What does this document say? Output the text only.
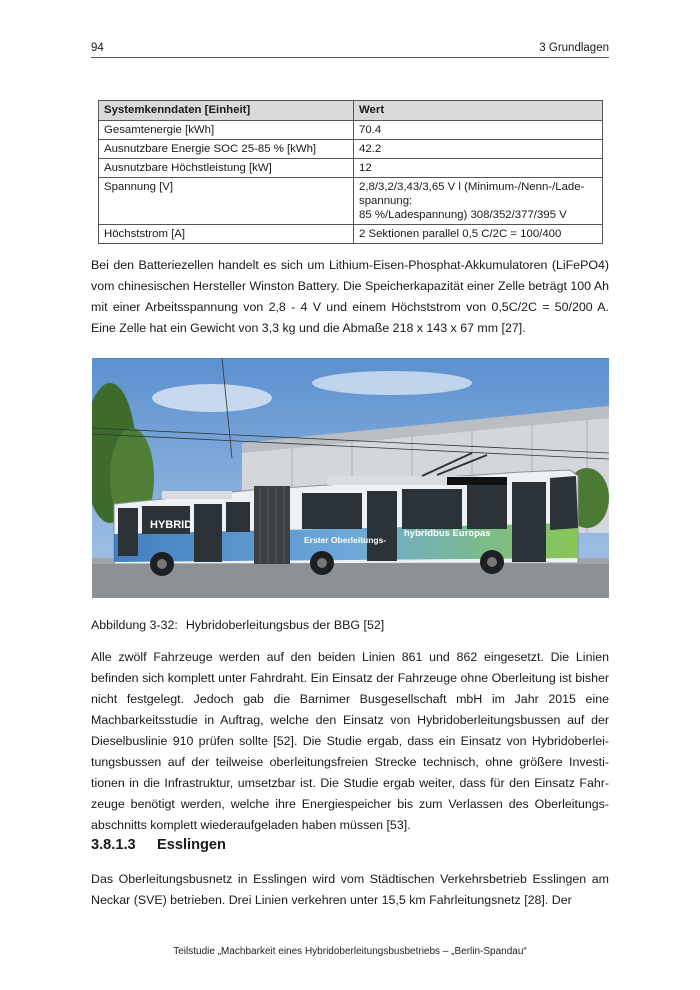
94	3 Grundlagen
Systemkenndaten [Einheit]	Wert
Gesamtenergie [kWh]	70.4
Ausnutzbare Energie SOC 25-85 % [kWh]	42.2
Ausnutzbare Höchstleistung [kW]	12
Spannung [V]	2,8/3,2/3,43/3,65 V l (Minimum-/Nenn-/Lade-
spannung:
85 %/Ladespannung) 308/352/377/395 V

Höchststrom [A]	2 Sektionen parallel 0,5 C/2C = 100/400

Bei den Batteriezellen handelt es sich um Lithium-Eisen-Phosphat-Akkumulatoren (LiFePO4) vom chinesischen Hersteller Winston Battery. Die Speicherkapazität einer Zelle beträgt 100 Ah mit einer Arbeitsspannung von 2,8 - 4 V und einem Höchststrom von 0,5C/2C = 50/200 A. Eine Zelle hat ein Gewicht von 3,3 kg und die Abmaße 218 x 143 x 67 mm [27].

HYBRID
Erster Oberleitungs-
hybridbus Europas

Abbildung 3-32: Hybridoberleitungsbus der BBG [52]

Alle zwölf Fahrzeuge werden auf den beiden Linien 861 und 862 eingesetzt. Die Linien befinden sich komplett unter Fahrdraht. Ein Einsatz der Fahrzeuge ohne Oberleitung ist bisher nicht festgelegt. Jedoch gab die Barnimer Busgesellschaft mbH im Jahr 2015 eine Machbarkeitsstudie in Auftrag, welche den Einsatz von Hybridoberleitungsbussen auf der Dieselbuslinie 910 prüfen sollte [52]. Die Studie ergab, dass ein Einsatz von Hybridoberleitungsbussen auf der teilweise oberleitungsfreien Strecke technisch, ohne größere Investitionen in die Infrastruktur, umsetzbar ist. Die Studie ergab weiter, dass für den Einsatz Fahrzeuge benötigt werden, welche ihre Energiespeicher bis zum Verlassen des Oberleitungsabschnitts komplett wiederaufgeladen haben müssen [53].

3.8.1.3 Esslingen

Das Oberleitungsbusnetz in Esslingen wird vom Städtischen Verkehrsbetrieb Esslingen am Neckar (SVE) betrieben. Drei Linien verkehren unter 15,5 km Fahrleitungsnetz [28]. Der

Teilstudie „Machbarkeit eines Hybridoberleitungsbusbetriebs – „Berlin-Spandau“
